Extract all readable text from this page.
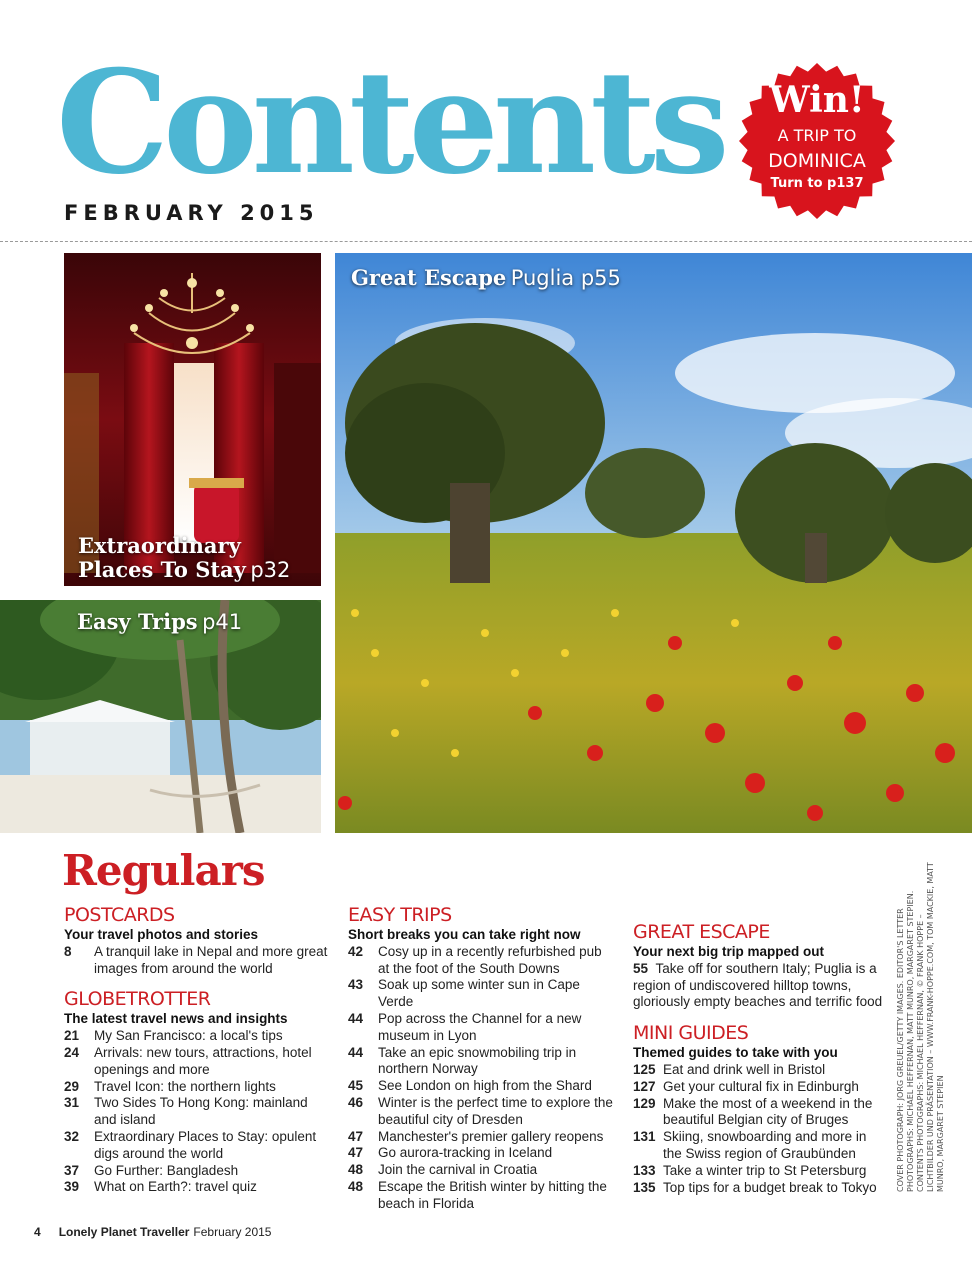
Contents
FEBRUARY 2015
Win!
A TRIP TO
DOMINICA
Turn to p137
Extraordinary
Places To Stay p32
Easy Trips p41
Great Escape Puglia p55
Regulars
POSTCARDS
Your travel photos and stories
8	A tranquil lake in Nepal and more great images from around the world
GLOBETROTTER
The latest travel news and insights
21	My San Francisco: a local's tips
24	Arrivals: new tours, attractions, hotel openings and more
29	Travel Icon: the northern lights
31	Two Sides To Hong Kong: mainland and island
32	Extraordinary Places to Stay: opulent digs around the world
37	Go Further: Bangladesh
39	What on Earth?: travel quiz
EASY TRIPS
Short breaks you can take right now
42	Cosy up in a recently refurbished pub at the foot of the South Downs
43	Soak up some winter sun in Cape Verde
44	Pop across the Channel for a new museum in Lyon
44	Take an epic snowmobiling trip in northern Norway
45	See London on high from the Shard
46	Winter is the perfect time to explore the beautiful city of Dresden
47	Manchester's premier gallery reopens
47	Go aurora-tracking in Iceland
48	Join the carnival in Croatia
48	Escape the British winter by hitting the beach in Florida
GREAT ESCAPE
Your next big trip mapped out
55 Take off for southern Italy; Puglia is a region of undiscovered hilltop towns, gloriously empty beaches and terrific food
MINI GUIDES
Themed guides to take with you
125 Eat and drink well in Bristol
127 Get your cultural fix in Edinburgh
129 Make the most of a weekend in the beautiful Belgian city of Bruges
131 Skiing, snowboarding and more in the Swiss region of Graubünden
133 Take a winter trip to St Petersburg
135 Top tips for a budget break to Tokyo	COVER PHOTOGRAPH: JORG GREUEL/GETTY IMAGES. EDITOR'S LETTER PHOTOGRAPHS: MICHAEL HEFFERNAN, MATT MUNRO, MARGARET STEPIEN. CONTENTS PHOTOGRAPHS: MICHAEL HEFFERNAN, © FRANK HOPPE – LICHTBILDER UND PRÄSENTATION – WWW.FRANK-HOPPE.COM, TOM MACKIE, MATT MUNRO, MARGARET STEPIEN
4 Lonely Planet Traveller February 2015
